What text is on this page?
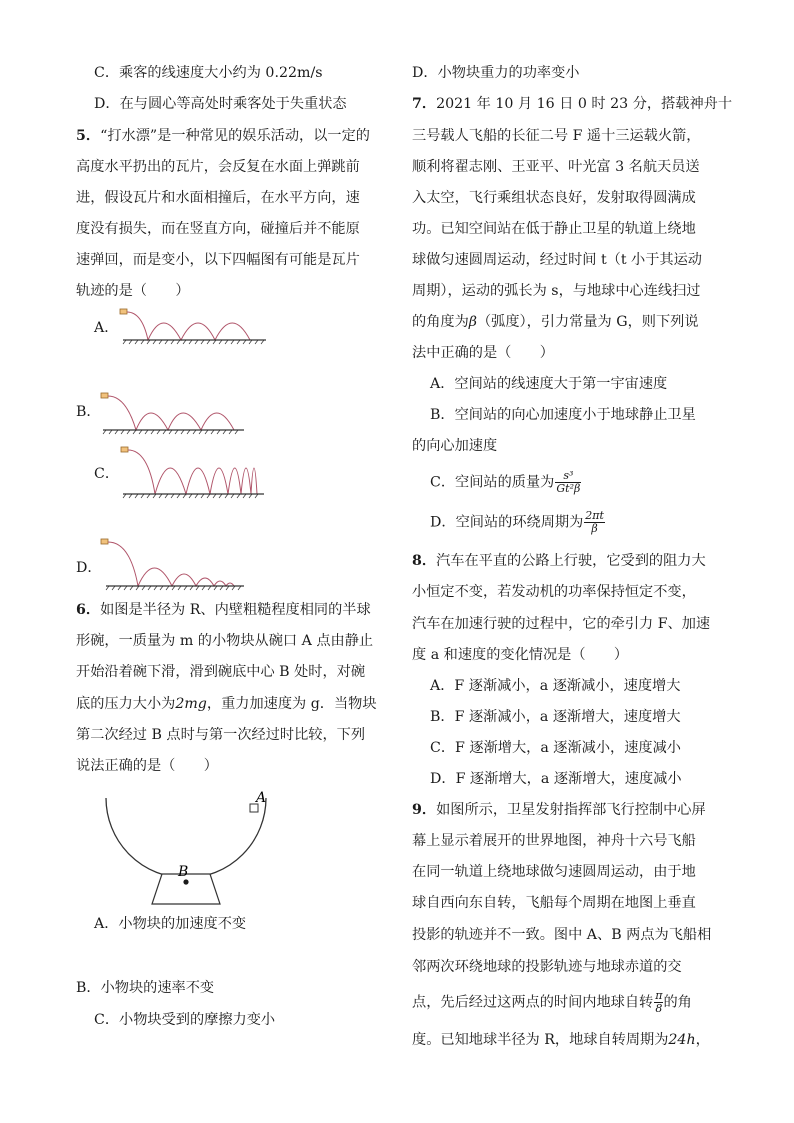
C．乘客的线速度大小约为 0.22m/s
D．在与圆心等高处时乘客处于失重状态
5．“打水漂”是一种常见的娱乐活动，以一定的
高度水平扔出的瓦片，会反复在水面上弹跳前
进，假设瓦片和水面相撞后，在水平方向，速
度没有损失，而在竖直方向，碰撞后并不能原
速弹回，而是变小，以下四幅图有可能是瓦片
轨迹的是（　　）
A．
B．
C．
D．
6．如图是半径为 R、内壁粗糙程度相同的半球
形碗，一质量为 m 的小物块从碗口 A 点由静止
开始沿着碗下滑，滑到碗底中心 B 处时，对碗
底的压力大小为2mg，重力加速度为 g．当物块
第二次经过 B 点时与第一次经过时比较，下列
说法正确的是（　　）
A
B
A．小物块的加速度不变
B．小物块的速率不变
C．小物块受到的摩擦力变小
D．小物块重力的功率变小
7．2021 年 10 月 16 日 0 时 23 分，搭载神舟十
三号载人飞船的长征二号 F 遥十三运载火箭，
顺利将翟志刚、王亚平、叶光富 3 名航天员送
入太空，飞行乘组状态良好，发射取得圆满成
功。已知空间站在低于静止卫星的轨道上绕地
球做匀速圆周运动，经过时间 t（t 小于其运动
周期），运动的弧长为 s，与地球中心连线扫过
的角度为β（弧度），引力常量为 G，则下列说
法中正确的是（　　）
A．空间站的线速度大于第一宇宙速度
B．空间站的向心加速度小于地球静止卫星
的向心加速度
C．空间站的质量为 $\frac{\text{s³}}{\text{Gt²β}}$
D．空间站的环绕周期为 $\frac{2\pi t}{\beta}$
8．汽车在平直的公路上行驶，它受到的阻力大
小恒定不变，若发动机的功率保持恒定不变，
汽车在加速行驶的过程中，它的牵引力 F、加速
度 a 和速度的变化情况是（　　）
A．F 逐渐减小，a 逐渐减小，速度增大
B．F 逐渐减小，a 逐渐增大，速度增大
C．F 逐渐增大，a 逐渐减小，速度减小
D．F 逐渐增大，a 逐渐增大，速度减小
9．如图所示，卫星发射指挥部飞行控制中心屏
幕上显示着展开的世界地图，神舟十六号飞船
在同一轨道上绕地球做匀速圆周运动，由于地
球自西向东自转，飞船每个周期在地图上垂直
投影的轨迹并不一致。图中 A、B 两点为飞船相
邻两次环绕地球的投影轨迹与地球赤道的交
点，先后经过这两点的时间内地球自转 $\frac{\pi}{8}$ 的角
度。已知地球半径为 R，地球自转周期为24h，
